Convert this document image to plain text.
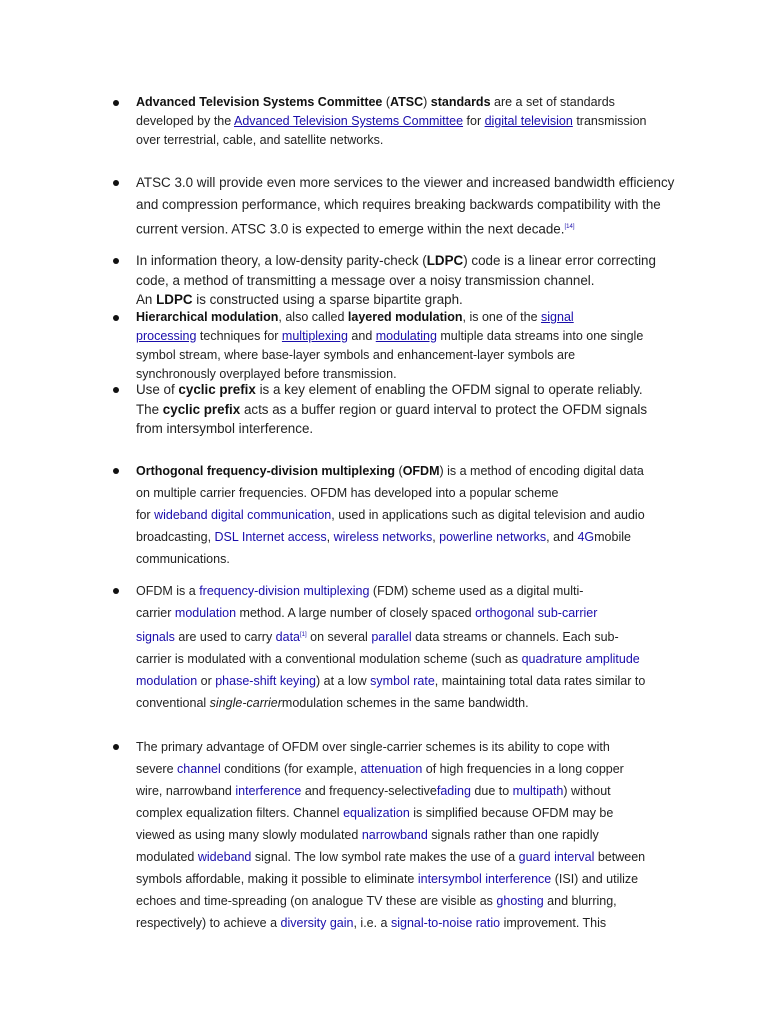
Advanced Television Systems Committee (ATSC) standards are a set of standards
developed by the Advanced Television Systems Committee for digital television transmission
over terrestrial, cable, and satellite networks.

ATSC 3.0 will provide even more services to the viewer and increased bandwidth efficiency
and compression performance, which requires breaking backwards compatibility with the
current version. ATSC 3.0 is expected to emerge within the next decade.[14]

In information theory, a low-density parity-check (LDPC) code is a linear error correcting
code, a method of transmitting a message over a noisy transmission channel.
An LDPC is constructed using a sparse bipartite graph.

Hierarchical modulation, also called layered modulation, is one of the signal
processing techniques for multiplexing and modulating multiple data streams into one single
symbol stream, where base-layer symbols and enhancement-layer symbols are
synchronously overplayed before transmission.

Use of cyclic prefix is a key element of enabling the OFDM signal to operate reliably.
The cyclic prefix acts as a buffer region or guard interval to protect the OFDM signals
from intersymbol interference.

Orthogonal frequency-division multiplexing (OFDM) is a method of encoding digital data
on multiple carrier frequencies. OFDM has developed into a popular scheme
for wideband digital communication, used in applications such as digital television and audio
broadcasting, DSL Internet access, wireless networks, powerline networks, and 4Gmobile
communications.

OFDM is a frequency-division multiplexing (FDM) scheme used as a digital multi-
carrier modulation method. A large number of closely spaced orthogonal sub-carrier
signals are used to carry data[1] on several parallel data streams or channels. Each sub-
carrier is modulated with a conventional modulation scheme (such as quadrature amplitude
modulation or phase-shift keying) at a low symbol rate, maintaining total data rates similar to
conventional single-carriermodulation schemes in the same bandwidth.

The primary advantage of OFDM over single-carrier schemes is its ability to cope with
severe channel conditions (for example, attenuation of high frequencies in a long copper
wire, narrowband interference and frequency-selectivefading due to multipath) without
complex equalization filters. Channel equalization is simplified because OFDM may be
viewed as using many slowly modulated narrowband signals rather than one rapidly
modulated wideband signal. The low symbol rate makes the use of a guard interval between
symbols affordable, making it possible to eliminate intersymbol interference (ISI) and utilize
echoes and time-spreading (on analogue TV these are visible as ghosting and blurring,
respectively) to achieve a diversity gain, i.e. a signal-to-noise ratio improvement. This
